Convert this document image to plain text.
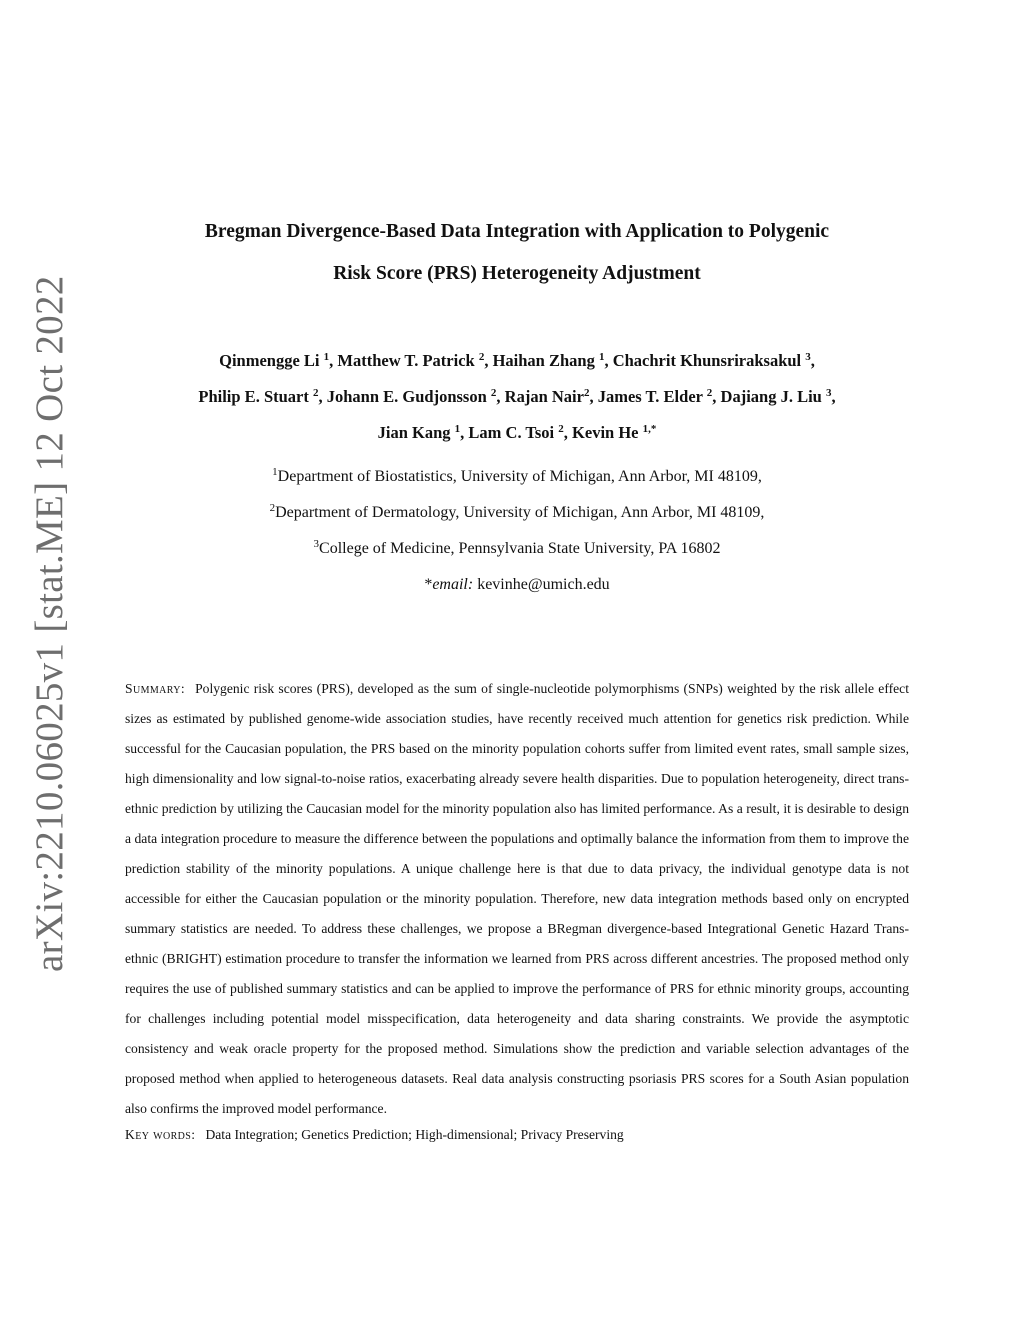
arXiv:2210.06025v1 [stat.ME] 12 Oct 2022
Bregman Divergence-Based Data Integration with Application to Polygenic
Risk Score (PRS) Heterogeneity Adjustment
Qinmengge Li $^1$, Matthew T. Patrick $^2$, Haihan Zhang $^1$, Chachrit Khunsriraksakul $^3$,
Philip E. Stuart $^2$, Johann E. Gudjonsson $^2$, Rajan Nair$^2$, James T. Elder $^2$, Dajiang J. Liu $^3$,
Jian Kang $^1$, Lam C. Tsoi $^2$, Kevin He $^{1,*}$
$^1$Department of Biostatistics, University of Michigan, Ann Arbor, MI 48109,
$^2$Department of Dermatology, University of Michigan, Ann Arbor, MI 48109,
$^3$College of Medicine, Pennsylvania State University, PA 16802
*email: kevinhe@umich.edu
Summary: Polygenic risk scores (PRS), developed as the sum of single-nucleotide polymorphisms (SNPs) weighted by the risk allele effect sizes as estimated by published genome-wide association studies, have recently received much attention for genetics risk prediction. While successful for the Caucasian population, the PRS based on the minority population cohorts suffer from limited event rates, small sample sizes, high dimensionality and low signal-to-noise ratios, exacerbating already severe health disparities. Due to population heterogeneity, direct trans-ethnic prediction by utilizing the Caucasian model for the minority population also has limited performance. As a result, it is desirable to design a data integration procedure to measure the difference between the populations and optimally balance the information from them to improve the prediction stability of the minority populations. A unique challenge here is that due to data privacy, the individual genotype data is not accessible for either the Caucasian population or the minority population. Therefore, new data integration methods based only on encrypted summary statistics are needed. To address these challenges, we propose a BRegman divergence-based Integrational Genetic Hazard Trans-ethnic (BRIGHT) estimation procedure to transfer the information we learned from PRS across different ancestries. The proposed method only requires the use of published summary statistics and can be applied to improve the performance of PRS for ethnic minority groups, accounting for challenges including potential model misspecification, data heterogeneity and data sharing constraints. We provide the asymptotic consistency and weak oracle property for the proposed method. Simulations show the prediction and variable selection advantages of the proposed method when applied to heterogeneous datasets. Real data analysis constructing psoriasis PRS scores for a South Asian population also confirms the improved model performance.
Key words: Data Integration; Genetics Prediction; High-dimensional; Privacy Preserving
